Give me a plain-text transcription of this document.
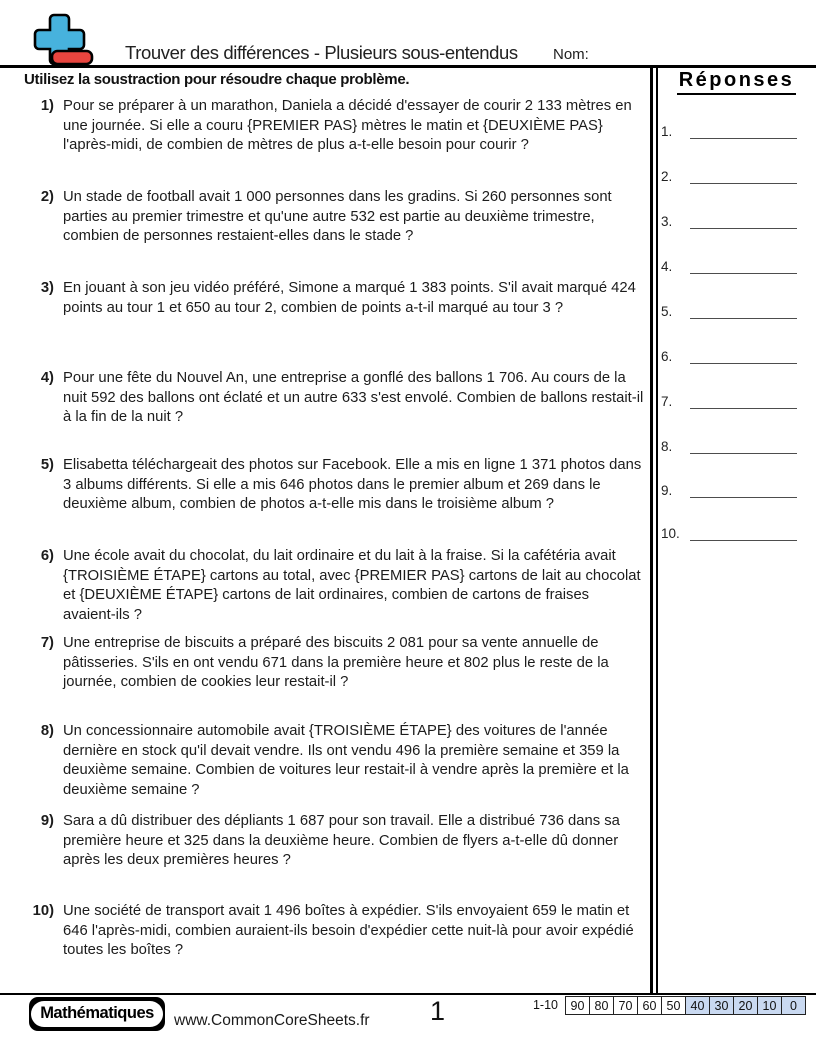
Trouver des différences - Plusieurs sous-entendus Nom:
Utilisez la soustraction pour résoudre chaque problème.
1) Pour se préparer à un marathon, Daniela a décidé d'essayer de courir 2 133 mètres en une journée. Si elle a couru {PREMIER PAS} mètres le matin et {DEUXIÈME PAS} l'après-midi, de combien de mètres de plus a-t-elle besoin pour courir ?
2) Un stade de football avait 1 000 personnes dans les gradins. Si 260 personnes sont parties au premier trimestre et qu'une autre 532 est partie au deuxième trimestre, combien de personnes restaient-elles dans le stade ?
3) En jouant à son jeu vidéo préféré, Simone a marqué 1 383 points. S'il avait marqué 424 points au tour 1 et 650 au tour 2, combien de points a-t-il marqué au tour 3 ?
4) Pour une fête du Nouvel An, une entreprise a gonflé des ballons 1 706. Au cours de la nuit 592 des ballons ont éclaté et un autre 633 s'est envolé. Combien de ballons restait-il à la fin de la nuit ?
5) Elisabetta téléchargeait des photos sur Facebook. Elle a mis en ligne 1 371 photos dans 3 albums différents. Si elle a mis 646 photos dans le premier album et 269 dans le deuxième album, combien de photos a-t-elle mis dans le troisième album ?
6) Une école avait du chocolat, du lait ordinaire et du lait à la fraise. Si la cafétéria avait {TROISIÈME ÉTAPE} cartons au total, avec {PREMIER PAS} cartons de lait au chocolat et {DEUXIÈME ÉTAPE} cartons de lait ordinaires, combien de cartons de fraises avaient-ils ?
7) Une entreprise de biscuits a préparé des biscuits 2 081 pour sa vente annuelle de pâtisseries. S'ils en ont vendu 671 dans la première heure et 802 plus le reste de la journée, combien de cookies leur restait-il ?
8) Un concessionnaire automobile avait {TROISIÈME ÉTAPE} des voitures de l'année dernière en stock qu'il devait vendre. Ils ont vendu 496 la première semaine et 359 la deuxième semaine. Combien de voitures leur restait-il à vendre après la première et la deuxième semaine ?
9) Sara a dû distribuer des dépliants 1 687 pour son travail. Elle a distribué 736 dans sa première heure et 325 dans la deuxième heure. Combien de flyers a-t-elle dû donner après les deux premières heures ?
10) Une société de transport avait 1 496 boîtes à expédier. S'ils envoyaient 659 le matin et 646 l'après-midi, combien auraient-ils besoin d'expédier cette nuit-là pour avoir expédié toutes les boîtes ?
Réponses
1.
2.
3.
4.
5.
6.
7.
8.
9.
10.
Mathématiques	www.CommonCoreSheets.fr 1	1-10	90 80 70 60 50 40 30 20 10	0
